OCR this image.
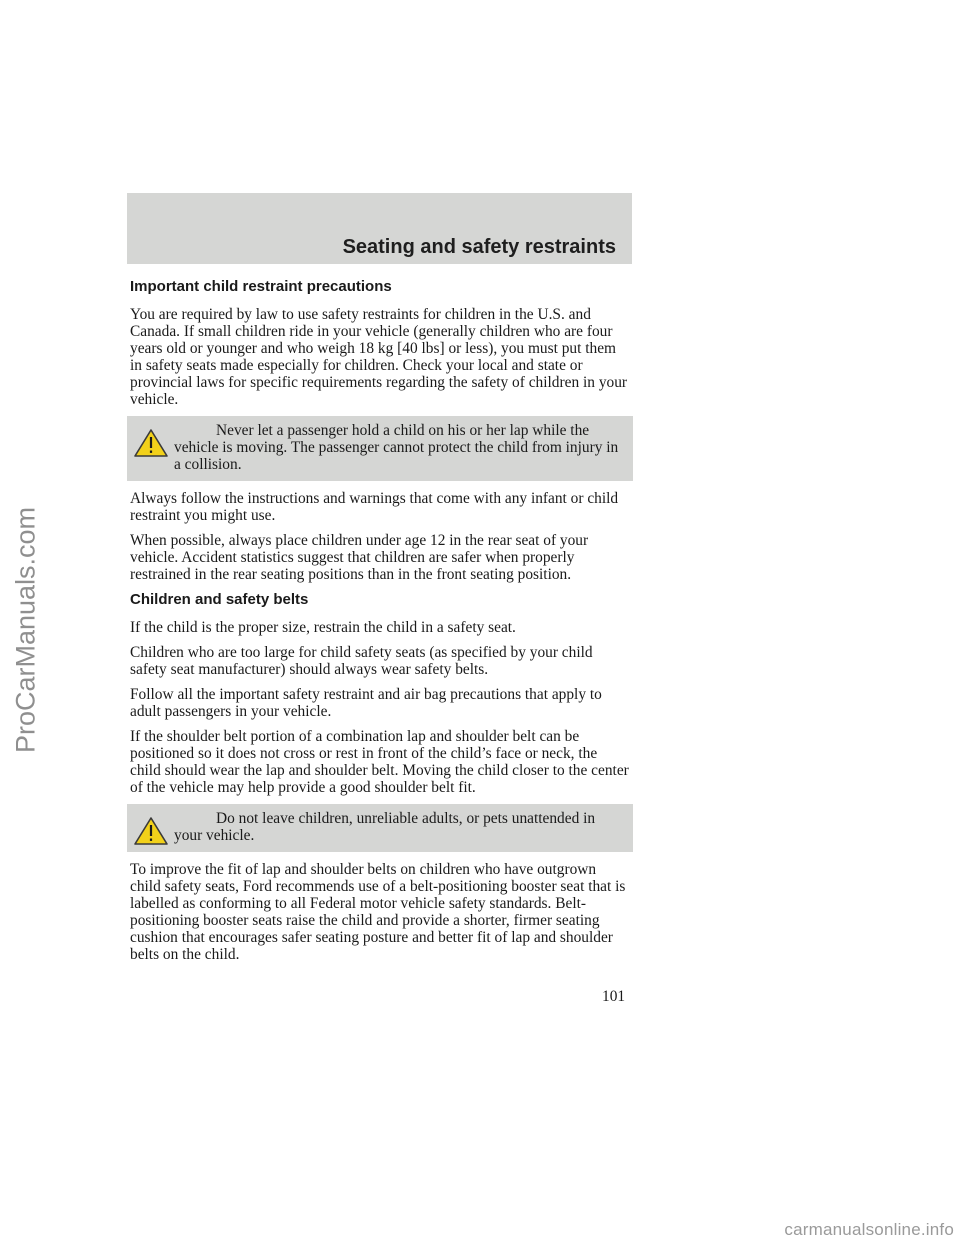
Seating and safety restraints
Important child restraint precautions

You are required by law to use safety restraints for children in the U.S. and Canada. If small children ride in your vehicle (generally children who are four years old or younger and who weigh 18 kg [40 lbs] or less), you must put them in safety seats made especially for children. Check your local and state or provincial laws for specific requirements regarding the safety of children in your vehicle.

Never let a passenger hold a child on his or her lap while the vehicle is moving. The passenger cannot protect the child from injury in a collision.

Always follow the instructions and warnings that come with any infant or child restraint you might use.

When possible, always place children under age 12 in the rear seat of your vehicle. Accident statistics suggest that children are safer when properly restrained in the rear seating positions than in the front seating position.

Children and safety belts

If the child is the proper size, restrain the child in a safety seat.

Children who are too large for child safety seats (as specified by your child safety seat manufacturer) should always wear safety belts.

Follow all the important safety restraint and air bag precautions that apply to adult passengers in your vehicle.

If the shoulder belt portion of a combination lap and shoulder belt can be positioned so it does not cross or rest in front of the child’s face or neck, the child should wear the lap and shoulder belt. Moving the child closer to the center of the vehicle may help provide a good shoulder belt fit.

Do not leave children, unreliable adults, or pets unattended in your vehicle.

To improve the fit of lap and shoulder belts on children who have outgrown child safety seats, Ford recommends use of a belt-positioning booster seat that is labelled as conforming to all Federal motor vehicle safety standards. Belt-positioning booster seats raise the child and provide a shorter, firmer seating cushion that encourages safer seating posture and better fit of lap and shoulder belts on the child.

101
ProCarManuals.com
carmanualsonline.info
